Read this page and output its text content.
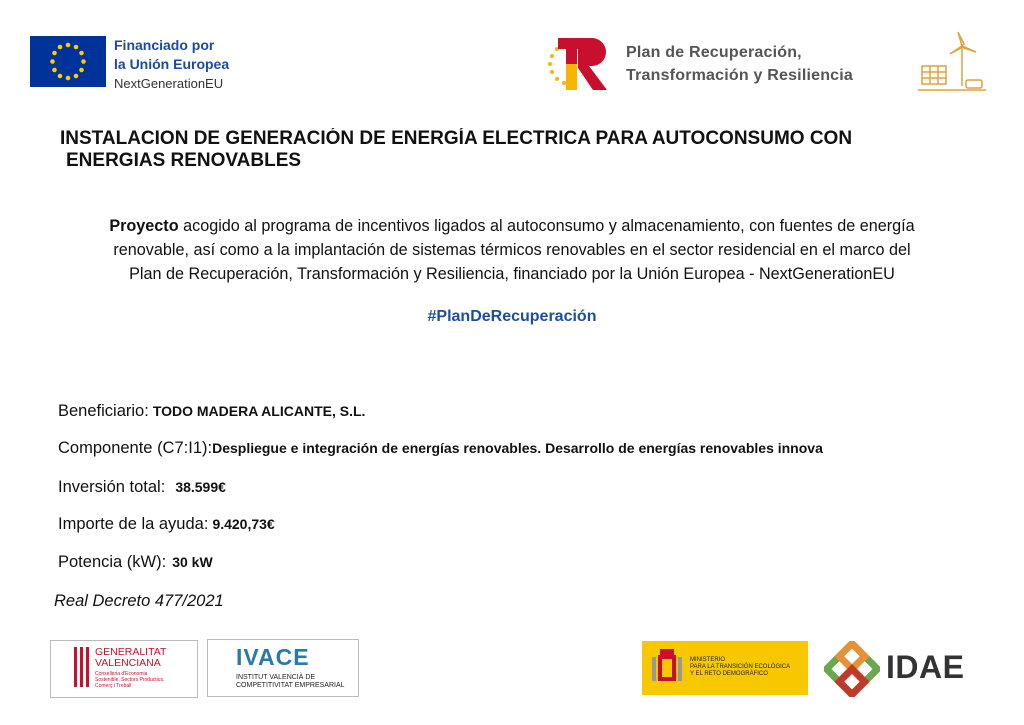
Financiado por
la Unión Europea
NextGenerationEU
Plan de Recuperación,
Transformación y Resiliencia
INSTALACION DE GENERACIÓN DE ENERGÍA ELECTRICA PARA AUTOCONSUMO CON
ENERGIAS RENOVABLES
Proyecto acogido al programa de incentivos ligados al autoconsumo y almacenamiento, con fuentes de energía
renovable, así como a la implantación de sistemas térmicos renovables en el sector residencial en el marco del
Plan de Recuperación, Transformación y Resiliencia, financiado por la Unión Europea - NextGenerationEU
#PlanDeRecuperación
Beneficiario: TODO MADERA ALICANTE, S.L.
Componente (C7:I1):Despliegue e integración de energías renovables. Desarrollo de energías renovables innova
Inversión total: 38.599€
Importe de la ayuda: 9.420,73€
Potencia (kW): 30 kW
Real Decreto 477/2021
GENERALITAT
VALENCIANA
Conselleria d'Economia
Sostenible, Sectors Productius,
Comerç i Treball
IVACE
INSTITUT VALENCIÀ DE
COMPETITIVITAT EMPRESARIAL
MINISTERIO
PARA LA TRANSICIÓN ECOLÓGICA
Y EL RETO DEMOGRÁFICO	IDAE
